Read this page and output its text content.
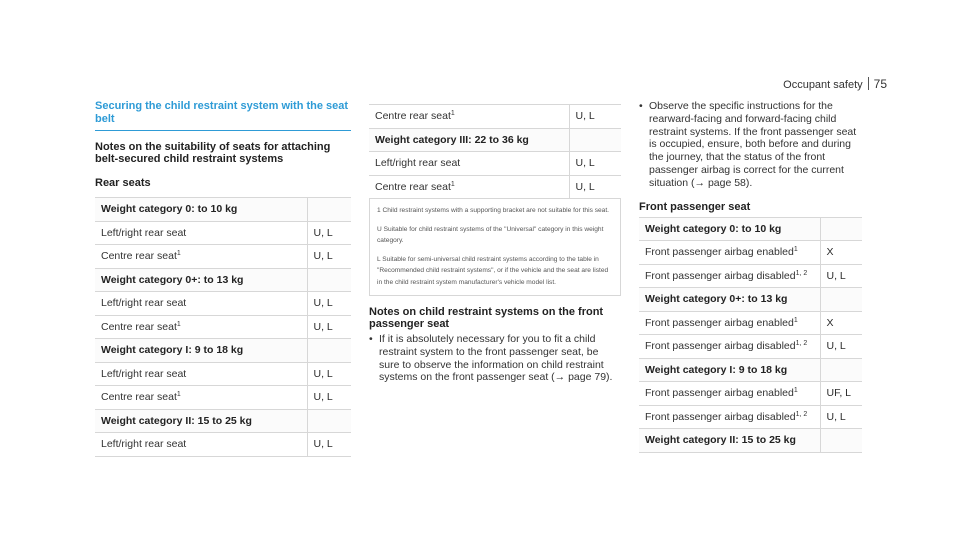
Occupant safety 75
Securing the child restraint system with the seat belt
Notes on the suitability of seats for attaching belt-secured child restraint systems
Rear seats
Weight category 0: to 10 kg	
Left/right rear seat	U, L
Centre rear seat$^1$	U, L
Weight category 0+: to 13 kg	
Left/right rear seat	U, L
Centre rear seat$^1$	U, L
Weight category I: 9 to 18 kg	
Left/right rear seat	U, L
Centre rear seat$^1$	U, L
Weight category II: 15 to 25 kg	
Left/right rear seat	U, L
Centre rear seat$^1$	U, L
Weight category III: 22 to 36 kg	
Left/right rear seat	U, L
Centre rear seat$^1$	U, L

1 Child restraint systems with a supporting bracket are not suitable for this seat.

U Suitable for child restraint systems of the "Universal" category in this weight category.

L Suitable for semi-universal child restraint systems according to the table in "Recommended child restraint systems", or if the vehicle and the seat are listed in the child restraint system manufacturer's vehicle model list.

Notes on child restraint systems on the front passenger seat
• If it is absolutely necessary for you to fit a child restraint system to the front passenger seat, be sure to observe the information on child restraint systems on the front passenger seat (→ page 79).
• Observe the specific instructions for the rearward-facing and forward-facing child restraint systems. If the front passenger seat is occupied, ensure, both before and during the journey, that the status of the front passenger airbag is correct for the current situation (→ page 58).
Front passenger seat
Weight category 0: to 10 kg	
Front passenger airbag enabled$^1$	X
Front passenger airbag disabled$^{1, 2}$	U, L
Weight category 0+: to 13 kg	
Front passenger airbag enabled$^1$	X
Front passenger airbag disabled$^{1, 2}$	U, L
Weight category I: 9 to 18 kg	
Front passenger airbag enabled$^1$	UF, L
Front passenger airbag disabled$^{1, 2}$	U, L
Weight category II: 15 to 25 kg	
